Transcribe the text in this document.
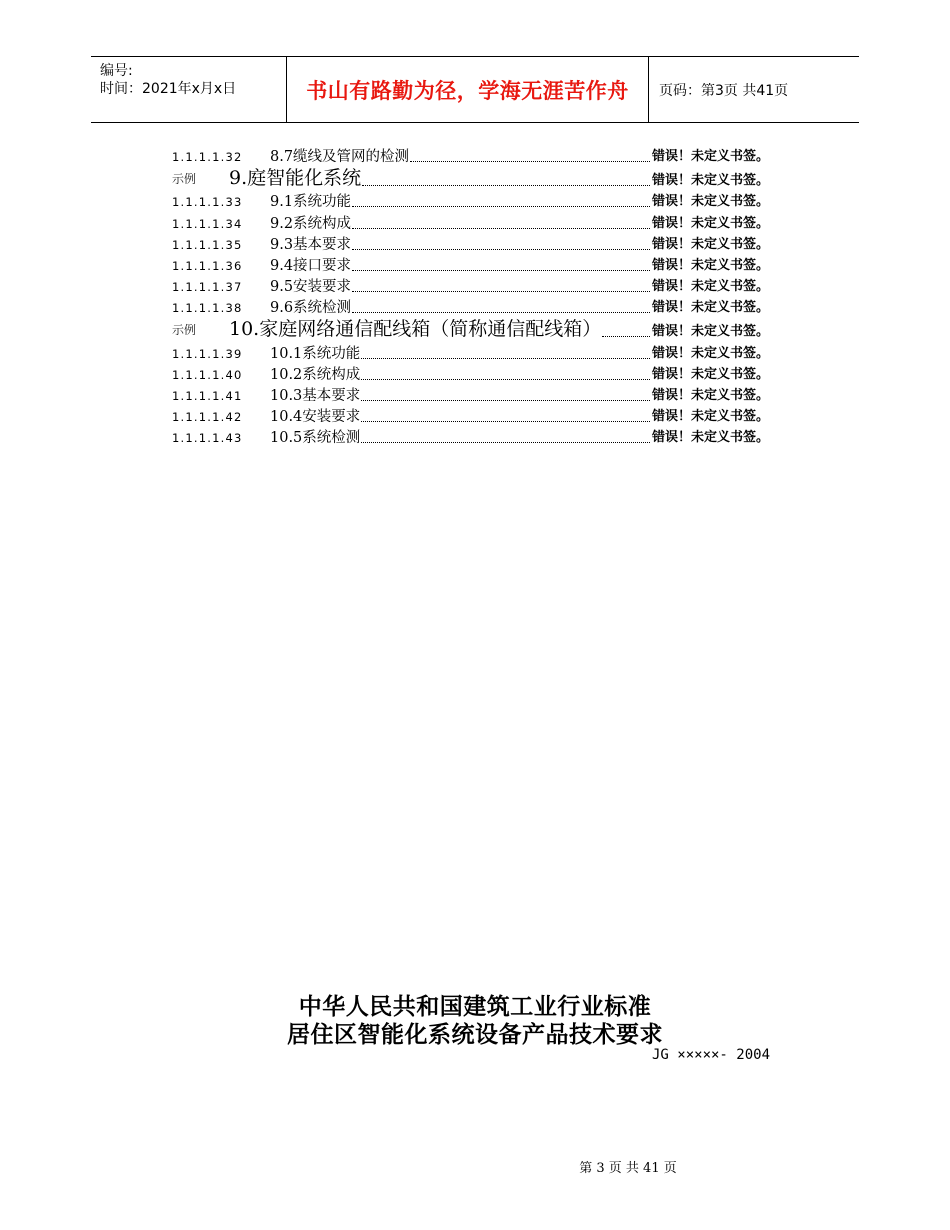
编号:
时间：2021年x月x日	书山有路勤为径，学海无涯苦作舟 页码：第3页 共41页
1.1.1.1.32	8.7缆线及管网的检测	错误！未定义书签。
示例	9.庭智能化系统	错误！未定义书签。
1.1.1.1.33	9.1系统功能	错误！未定义书签。
1.1.1.1.34	9.2系统构成	错误！未定义书签。
1.1.1.1.35	9.3基本要求	错误！未定义书签。
1.1.1.1.36	9.4接口要求	错误！未定义书签。
1.1.1.1.37	9.5安装要求	错误！未定义书签。
1.1.1.1.38	9.6系统检测	错误！未定义书签。
示例	10.家庭网络通信配线箱（简称通信配线箱）	错误！未定义书签。
1.1.1.1.39	10.1系统功能	错误！未定义书签。
1.1.1.1.40	10.2系统构成	错误！未定义书签。
1.1.1.1.41	10.3基本要求	错误！未定义书签。
1.1.1.1.42	10.4安装要求	错误！未定义书签。
1.1.1.1.43	10.5系统检测	错误！未定义书签。
中华人民共和国建筑工业行业标准
居住区智能化系统设备产品技术要求
JG ×××××- 2004
第 3 页 共 41 页
